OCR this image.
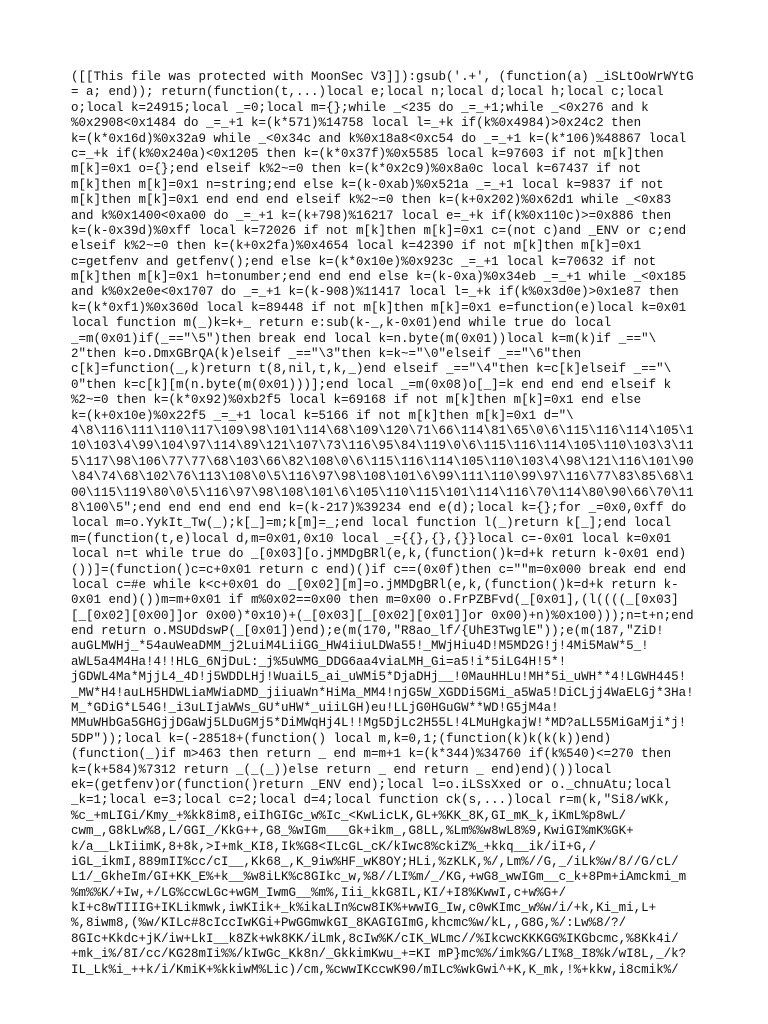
([[This file was protected with MoonSec V3]]):gsub('.+', (function(a) _iSLtOoWrWYtG
= a; end)); return(function(t,...)local e;local n;local d;local h;local c;local
o;local k=24915;local _=0;local m={};while _<235 do _=_+1;while _<0x276 and k
%0x2908<0x1484 do _=_+1 k=(k*571)%14758 local l=_+k if(k%0x4984)>0x24c2 then
k=(k*0x16d)%0x32a9 while _<0x34c and k%0x18a8<0xc54 do _=_+1 k=(k*106)%48867 local
c=_+k if(k%0x240a)<0x1205 then k=(k*0x37f)%0x5585 local k=97603 if not m[k]then
m[k]=0x1 o={};end elseif k%2~=0 then k=(k*0x2c9)%0x8a0c local k=67437 if not
m[k]then m[k]=0x1 n=string;end else k=(k-0xab)%0x521a _=_+1 local k=9837 if not
m[k]then m[k]=0x1 end end end elseif k%2~=0 then k=(k+0x202)%0x62d1 while _<0x83
and k%0x1400<0xa00 do _=_+1 k=(k+798)%16217 local e=_+k if(k%0x110c)>=0x886 then
k=(k-0x39d)%0xff local k=72026 if not m[k]then m[k]=0x1 c=(not c)and _ENV or c;end
elseif k%2~=0 then k=(k+0x2fa)%0x4654 local k=42390 if not m[k]then m[k]=0x1
c=getfenv and getfenv();end else k=(k*0x10e)%0x923c _=_+1 local k=70632 if not
m[k]then m[k]=0x1 h=tonumber;end end end else k=(k-0xa)%0x34eb _=_+1 while _<0x185
and k%0x2e0e<0x1707 do _=_+1 k=(k-908)%11417 local l=_+k if(k%0x3d0e)>0x1e87 then
k=(k*0xf1)%0x360d local k=89448 if not m[k]then m[k]=0x1 e=function(e)local k=0x01
local function m(_)k=k+_ return e:sub(k-_,k-0x01)end while true do local
_=m(0x01)if(_=="\5")then break end local k=n.byte(m(0x01))local k=m(k)if _=="\
2"then k=o.DmxGBrQA(k)elseif _=="\3"then k=k~="\0"elseif _=="\6"then
c[k]=function(_,k)return t(8,nil,t,k,_)end elseif _=="\4"then k=c[k]elseif _=="\
0"then k=c[k][m(n.byte(m(0x01)))];end local _=m(0x08)o[_]=k end end end elseif k
%2~=0 then k=(k*0x92)%0xb2f5 local k=69168 if not m[k]then m[k]=0x1 end else
k=(k+0x10e)%0x22f5 _=_+1 local k=5166 if not m[k]then m[k]=0x1 d="\
4\8\116\111\110\117\109\98\101\114\68\109\120\71\66\114\81\65\0\6\115\116\114\105\1
10\103\4\99\104\97\114\89\121\107\73\116\95\84\119\0\6\115\116\114\105\110\103\3\11
5\117\98\106\77\77\68\103\66\82\108\0\6\115\116\114\105\110\103\4\98\121\116\101\90
\84\74\68\102\76\113\108\0\5\116\97\98\108\101\6\99\111\110\99\97\116\77\83\85\68\1
00\115\119\80\0\5\116\97\98\108\101\6\105\110\115\101\114\116\70\114\80\90\66\70\11
8\100\5";end end end end end k=(k-217)%39234 end e(d);local k={};for _=0x0,0xff do
local m=o.YykIt_Tw(_);k[_]=m;k[m]=_;end local function l(_)return k[_];end local
m=(function(t,e)local d,m=0x01,0x10 local _={{},{},{}}local c=-0x01 local k=0x01
local n=t while true do _[0x03][o.jMMDgBRl(e,k,(function()k=d+k return k-0x01 end)
())]=(function()c=c+0x01 return c end)()if c==(0x0f)then c=""m=0x000 break end end
local c=#e while k<c+0x01 do _[0x02][m]=o.jMMDgBRl(e,k,(function()k=d+k return k-
0x01 end)())m=m+0x01 if m%0x02==0x00 then m=0x00 o.FrPZBFvd(_[0x01],(l((((_[0x03]
[_[0x02][0x00]]or 0x00)*0x10)+(_[0x03][_[0x02][0x01]]or 0x00)+n)%0x100)));n=t+n;end
end return o.MSUDdswP(_[0x01])end);e(m(170,"R8ao_lf/{UhE3TwglE"));e(m(187,"ZiD!
auGLMWHj_*54auWeaDMM_j2LuiM4LiiGG_HW4iiuLDWa55!_MWjHiu4D!M5MD2G!j!4Mi5MaW*5_!
aWL5a4M4Ha!4!!HLG_6NjDuL:_j%5uWMG_DDG6aa4viaLMH_Gi=a5!i*5iLG4H!5*!
jGDWL4Ma*MjjL4_4D!j5WDDLHj!WuaiL5_ai_uWMi5*DjaDHj__!0MauHHLu!MH*5i_uWH**4!LGWH445!
_MW*H4!auLH5HDWLiaMWiaDMD_jiiuaWn*HiMa_MM4!njG5W_XGDDi5GMi_a5Wa5!DiCLjj4WaELGj*3Ha!
M_*GDiG*L54G!_i3uLIjaWWs_GU*uHW*_uiiLGH)eu!LLjG0HGuGW**WD!G5jM4a!
MMuWHbGa5GHGjjDGaWj5LDuGMj5*DiMWqHj4L!!Mg5DjLc2H55L!4LMuHgkajW!*MD?aLL55MiGaMji*j!
5DP"));local k=(-28518+(function() local m,k=0,1;(function(k)k(k(k))end)
(function(_)if m>463 then return _ end m=m+1 k=(k*344)%34760 if(k%540)<=270 then
k=(k+584)%7312 return _(_(_))else return _ end return _ end)end)())local
ek=(getfenv)or(function()return _ENV end);local l=o.iLSsXxed or o._chnuAtu;local
_k=1;local e=3;local c=2;local d=4;local function ck(s,...)local r=m(k,"Si8/wKk,
%c_+mLIGi/Kmy_+%kk8im8,eiIhGIGc_w%Ic_<KwLicLK,GL+%KK_8K,GI_mK_k,iKmL%p8wL/
cwm_,G8kLw%8,L/GGI_/KkG++,G8_%wIGm___Gk+ikm_,G8LL,%Lm%%w8wL8%9,KwiGI%mK%GK+
k/a__LkIiimK,8+8k,>I+mk_KI8,Ik%G8<ILcGL_cK/kIwc8%ckiZ%_+kkq__ik/iI+G,/
iGL_ikmI,889mII%cc/cI__,Kk68_,K_9iw%HF_wK8OY;HLi,%zKLK,%/,Lm%//G,_/iLk%w/8//G/cL/
L1/_GkheIm/GI+KK_E%+k__%w8iLK%c8GIkc_w,%8//LI%m/_/KG,+wG8_wwIGm__c_k+8Pm+iAmckmi_m
%m%%K/+Iw,+/LG%ccwLGc+wGM_IwmG__%m%,Iii_kkG8IL,KI/+I8%KwwI,c+w%G+/
kI+c8wTIIIG+IKLikmwk,iwKIik+_k%ikaLIn%cw8IK%+wwIG_Iw,c0wKImc_w%w/i/+k,Ki_mi,L+
%,8iwm8,(%w/KILc#8cIccIwKGi+PwGGmwkGI_8KAGIGImG,khcmc%w/kL,,G8G,%/:Lw%8/?/
8GIc+Kkdc+jK/iw+LkI__k8Zk+wk8KK/iLmk,8cIw%K/cIK_WLmc//%IkcwcKKKGG%IKGbcmc,%8Kk4i/
+mk_i%/8I/cc/KG28mIi%%/kIwGc_Kk8n/_GkkimKwu_+=KI mP}mc%%/imk%G/LI%8_I8%k/wI8L,_/k?
IL_Lk%i_++k/i/KmiK+%kkiwM%Lic)/cm,%cwwIKccwK90/mILc%wkGwi^+K,K_mk,!%+kkw,i8cmik%/
